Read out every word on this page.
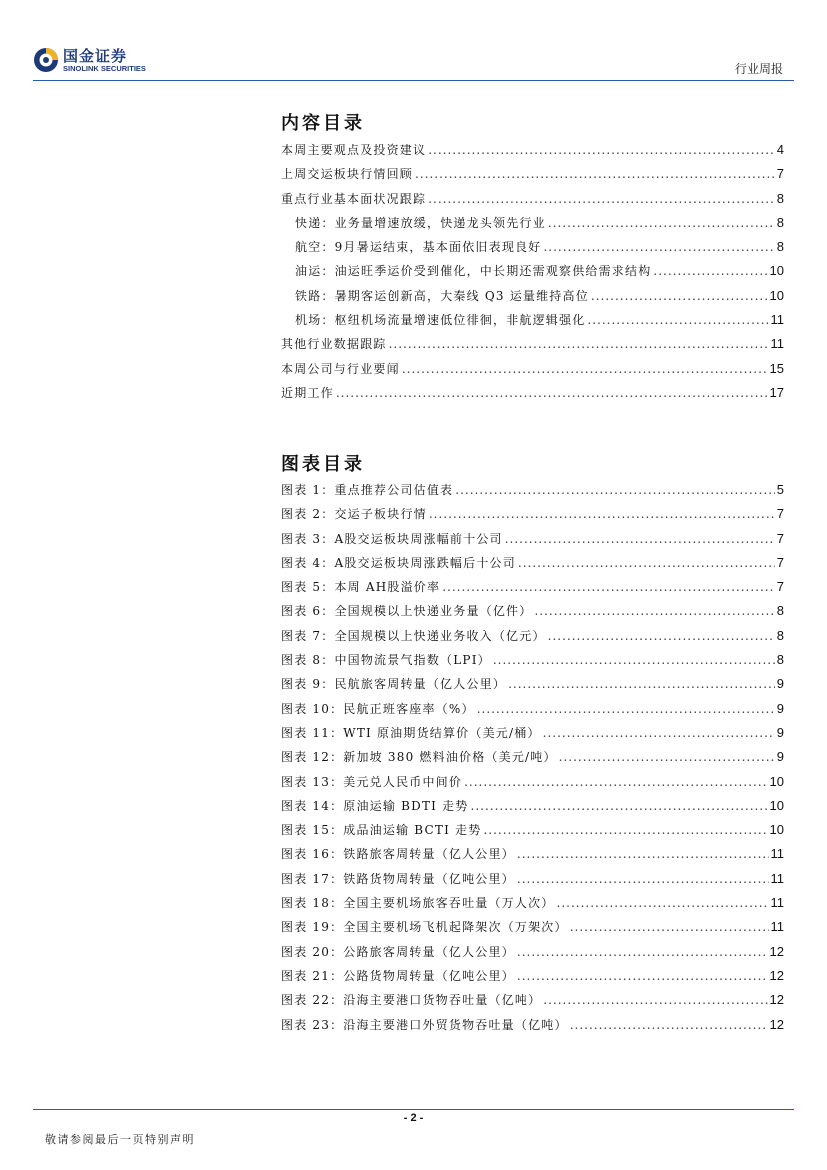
国金证券
SINOLINK SECURITIES	行业周报
内容目录
本周主要观点及投资建议 .....	4
上周交运板块行情回顾 .....	7
重点行业基本面状况跟踪 .....	8
快递：业务量增速放缓，快递龙头领先行业 .....	8
航空：9月暑运结束，基本面依旧表现良好 .....	8
油运：油运旺季运价受到催化，中长期还需观察供给需求结构 .....	10
铁路：暑期客运创新高，大秦线 Q3 运量维持高位 .....	10
机场：枢纽机场流量增速低位徘徊，非航逻辑强化 .....	11
其他行业数据跟踪 .....	11
本周公司与行业要闻 .....	15
近期工作 .....	17
图表目录
图表 1：重点推荐公司估值表 .....	5
图表 2：交运子板块行情 .....	7
图表 3：A股交运板块周涨幅前十公司 .....	7
图表 4：A股交运板块周涨跌幅后十公司 .....	7
图表 5：本周 AH股溢价率 .....	7
图表 6：全国规模以上快递业务量（亿件） .....	8
图表 7：全国规模以上快递业务收入（亿元） .....	8
图表 8：中国物流景气指数（LPI） .....	8
图表 9：民航旅客周转量（亿人公里） .....	9
图表 10：民航正班客座率（%） .....	9
图表 11：WTI 原油期货结算价（美元/桶） .....	9
图表 12：新加坡 380 燃料油价格（美元/吨） .....	9
图表 13：美元兑人民币中间价 .....	10
图表 14：原油运输 BDTI 走势 .....	10
图表 15：成品油运输 BCTI 走势 .....	10
图表 16：铁路旅客周转量（亿人公里） .....	11
图表 17：铁路货物周转量（亿吨公里） .....	11
图表 18：全国主要机场旅客吞吐量（万人次） .....	11
图表 19：全国主要机场飞机起降架次（万架次） .....	11
图表 20：公路旅客周转量（亿人公里） .....	12
图表 21：公路货物周转量（亿吨公里） .....	12
图表 22：沿海主要港口货物吞吐量（亿吨） .....	12
图表 23：沿海主要港口外贸货物吞吐量（亿吨） .....	12
- 2 -
敬请参阅最后一页特别声明
